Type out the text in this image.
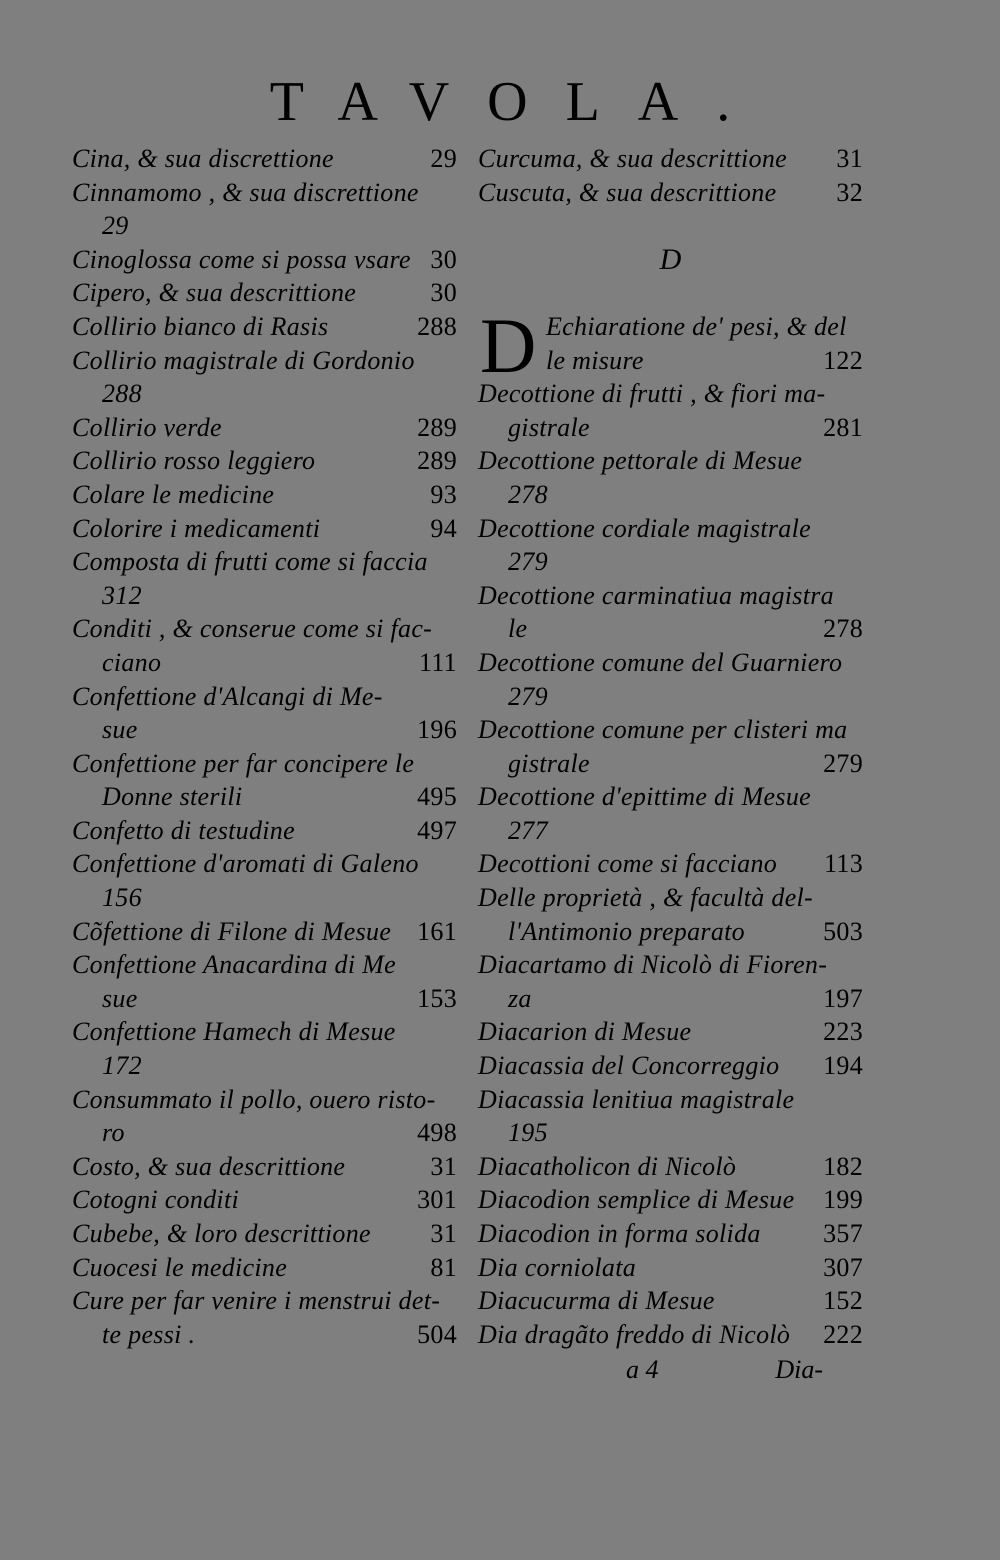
TAVOLA.
Cina, & sua discrettione	29
Cinnamomo , & sua discrettione
29
Cinoglossa come si possa vsare 30
Cipero, & sua descrittione	30
Collirio bianco di Rasis	288
Collirio magistrale di Gordonio
288
Collirio verde	289
Collirio rosso leggiero	289
Colare le medicine	93
Colorire i medicamenti	94
Composta di frutti come si faccia
312
Conditi , & conserue come si fac-
ciano	111
Confettione d'Alcangi di Me-
sue	196
Confettione per far concipere le
Donne sterili	495
Confetto di testudine	497
Confettione d'aromati di Galeno
156
Cõfettione di Filone di Mesue 161
Confettione Anacardina di Me
sue	153
Confettione Hamech di Mesue
172
Consummato il pollo, ouero risto-
ro	498
Costo, & sua descrittione	31
Cotogni conditi	301
Cubebe, & loro descrittione 31
Cuocesi le medicine	81
Cure per far venire i menstrui det-
te pessi .	504
Curcuma, & sua descrittione 31
Cuscuta, & sua descrittione 32
D
D Echiaratione de' pesi, & del
le misure	122
Decottione di frutti , & fiori ma-
gistrale	281
Decottione pettorale di Mesue
278
Decottione cordiale magistrale
279
Decottione carminatiua magistra
le	278
Decottione comune del Guarniero
279
Decottione comune per clisteri ma
gistrale	279
Decottione d'epittime di Mesue
277
Decottioni come si facciano 113
Delle proprietà , & facultà del-
l'Antimonio preparato	503
Diacartamo di Nicolò di Fioren-
za	197
Diacarion di Mesue	223
Diacassia del Concorreggio 194
Diacassia lenitiua magistrale
195
Diacatholicon di Nicolò	182
Diacodion semplice di Mesue 199
Diacodion in forma solida 357
Dia corniolata	307
Diacucurma di Mesue	152
Dia dragãto freddo di Nicolò 222
a 4	Dia-
